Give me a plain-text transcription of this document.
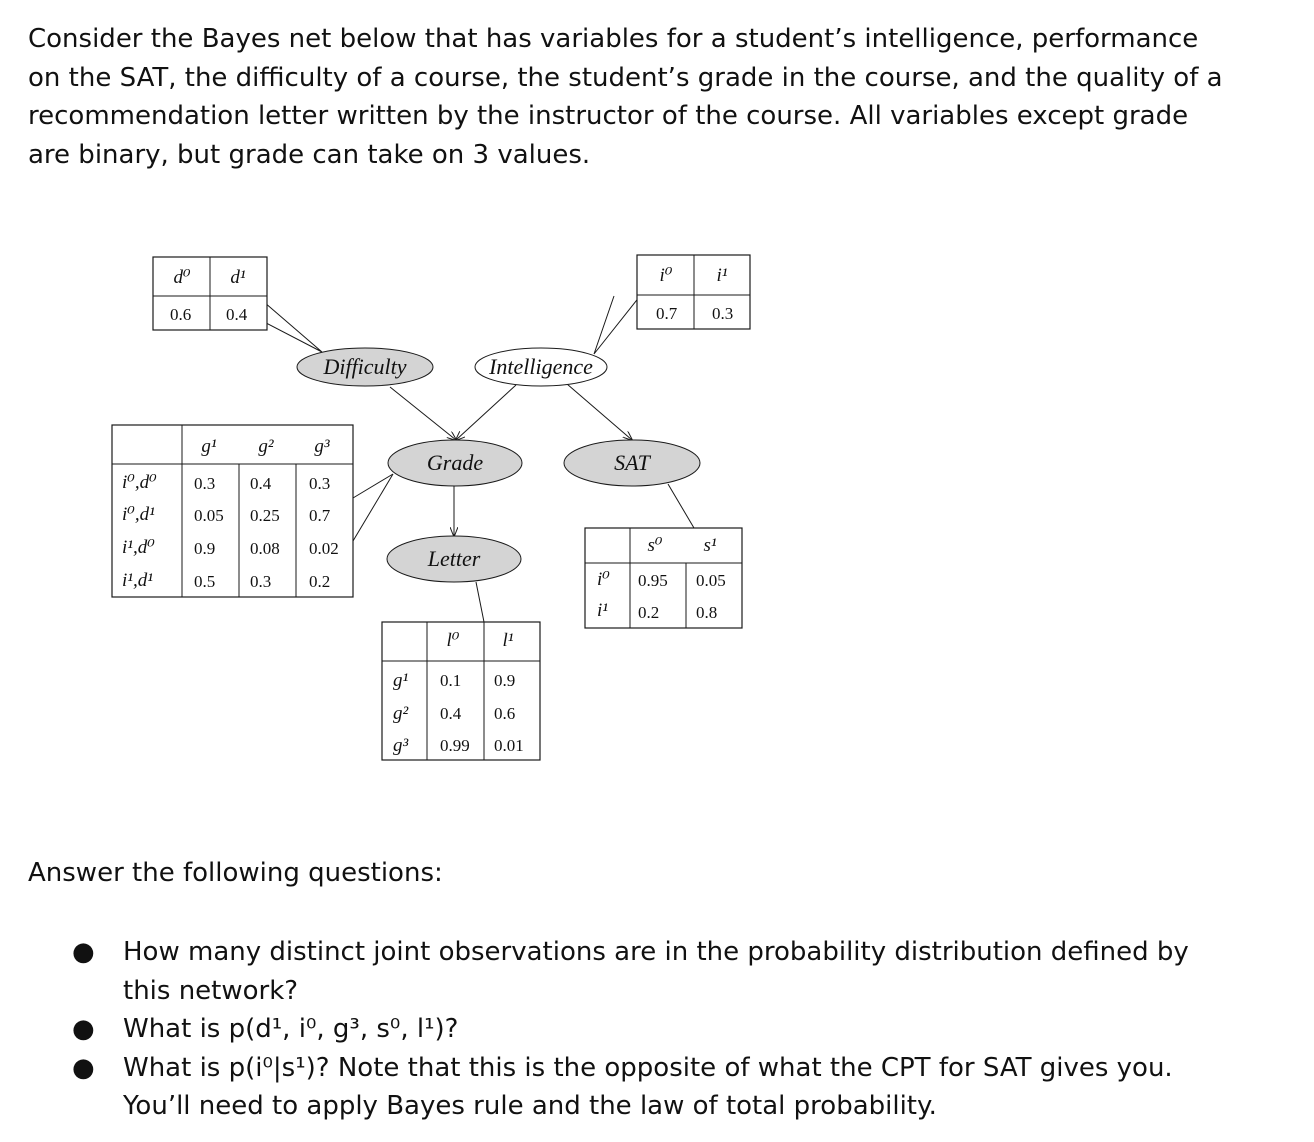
Consider the Bayes net below that has variables for a student’s intelligence, performance
on the SAT, the difficulty of a course, the student’s grade in the course, and the quality of a
recommendation letter written by the instructor of the course. All variables except grade
are binary, but grade can take on 3 values.

Difficulty	Intelligence
Grade	SAT
Letter
d⁰ d¹
0.6 0.4
i⁰ i¹
0.7 0.3
g¹ g² g³
i⁰,d⁰ 0.3 0.4 0.3
i⁰,d¹ 0.05 0.25 0.7
i¹,d⁰ 0.9 0.08 0.02
i¹,d¹ 0.5 0.3 0.2
s⁰ s¹
i⁰ 0.95 0.05
i¹ 0.2 0.8
l⁰ l¹
g¹ 0.1 0.9
g² 0.4 0.6
g³ 0.99 0.01

Answer the following questions:

● How many distinct joint observations are in the probability distribution defined by
this network?
● What is p(d¹, i⁰, g³, s⁰, l¹)?
● What is p(i⁰|s¹)? Note that this is the opposite of what the CPT for SAT gives you.
You’ll need to apply Bayes rule and the law of total probability.
